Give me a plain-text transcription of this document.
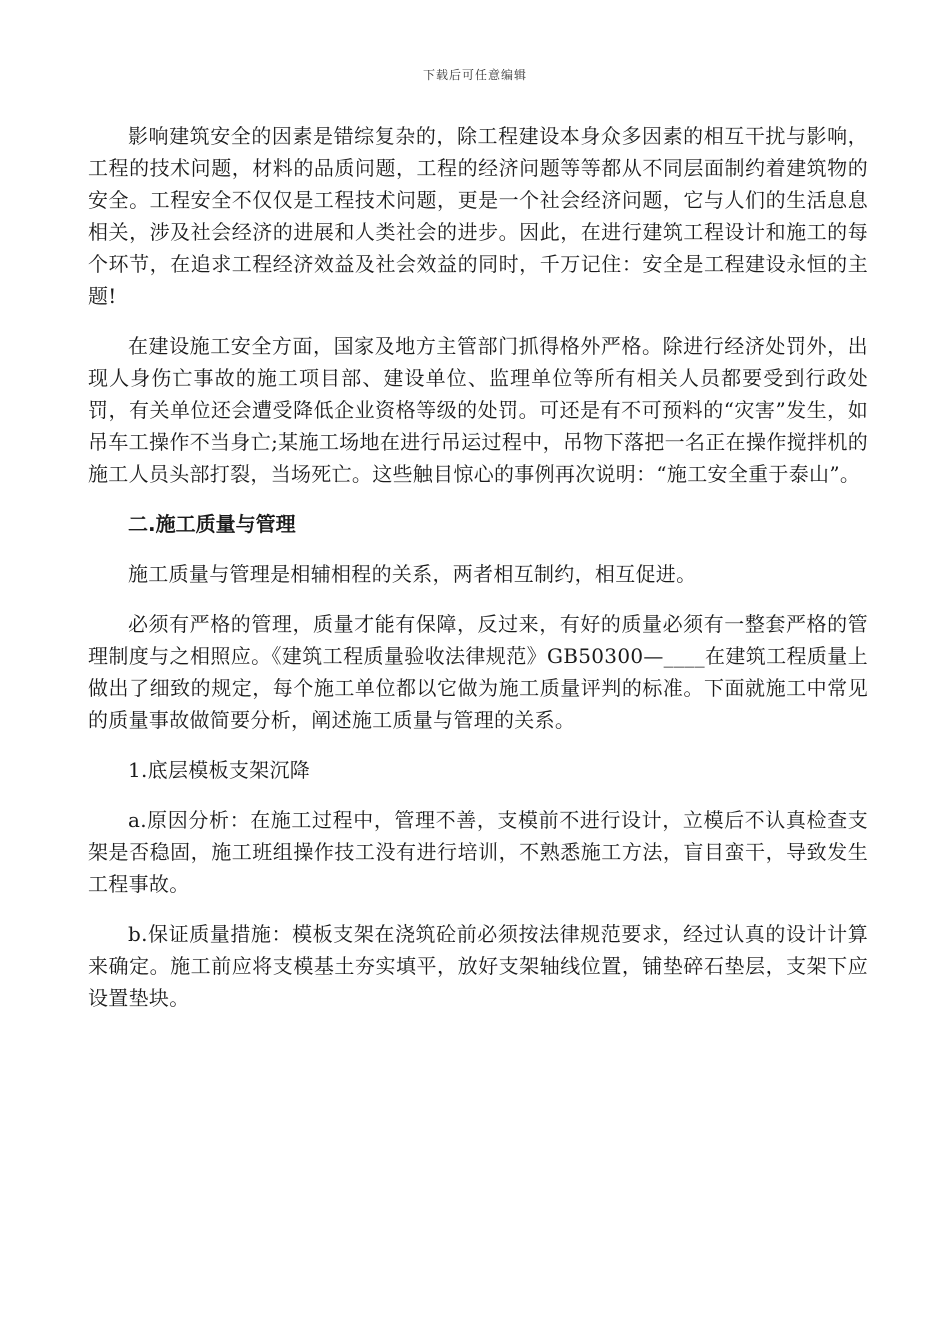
下载后可任意编辑

影响建筑安全的因素是错综复杂的，除工程建设本身众多因素的相互干扰与影响，工程的技术问题，材料的品质问题，工程的经济问题等等都从不同层面制约着建筑物的安全。工程安全不仅仅是工程技术问题，更是一个社会经济问题，它与人们的生活息息相关，涉及社会经济的进展和人类社会的进步。因此，在进行建筑工程设计和施工的每个环节，在追求工程经济效益及社会效益的同时，千万记住：安全是工程建设永恒的主题!

在建设施工安全方面，国家及地方主管部门抓得格外严格。除进行经济处罚外，出现人身伤亡事故的施工项目部、建设单位、监理单位等所有相关人员都要受到行政处罚，有关单位还会遭受降低企业资格等级的处罚。可还是有不可预料的“灾害”发生，如吊车工操作不当身亡;某施工场地在进行吊运过程中，吊物下落把一名正在操作搅拌机的施工人员头部打裂，当场死亡。这些触目惊心的事例再次说明：“施工安全重于泰山”。

二.施工质量与管理

施工质量与管理是相辅相程的关系，两者相互制约，相互促进。

必须有严格的管理，质量才能有保障，反过来，有好的质量必须有一整套严格的管理制度与之相照应。《建筑工程质量验收法律规范》GB50300—____在建筑工程质量上做出了细致的规定，每个施工单位都以它做为施工质量评判的标准。下面就施工中常见的质量事故做简要分析，阐述施工质量与管理的关系。

1.底层模板支架沉降

a.原因分析：在施工过程中，管理不善，支模前不进行设计，立模后不认真检查支架是否稳固，施工班组操作技工没有进行培训，不熟悉施工方法，盲目蛮干，导致发生工程事故。

b.保证质量措施：模板支架在浇筑砼前必须按法律规范要求，经过认真的设计计算来确定。施工前应将支模基土夯实填平，放好支架轴线位置，铺垫碎石垫层，支架下应设置垫块。
